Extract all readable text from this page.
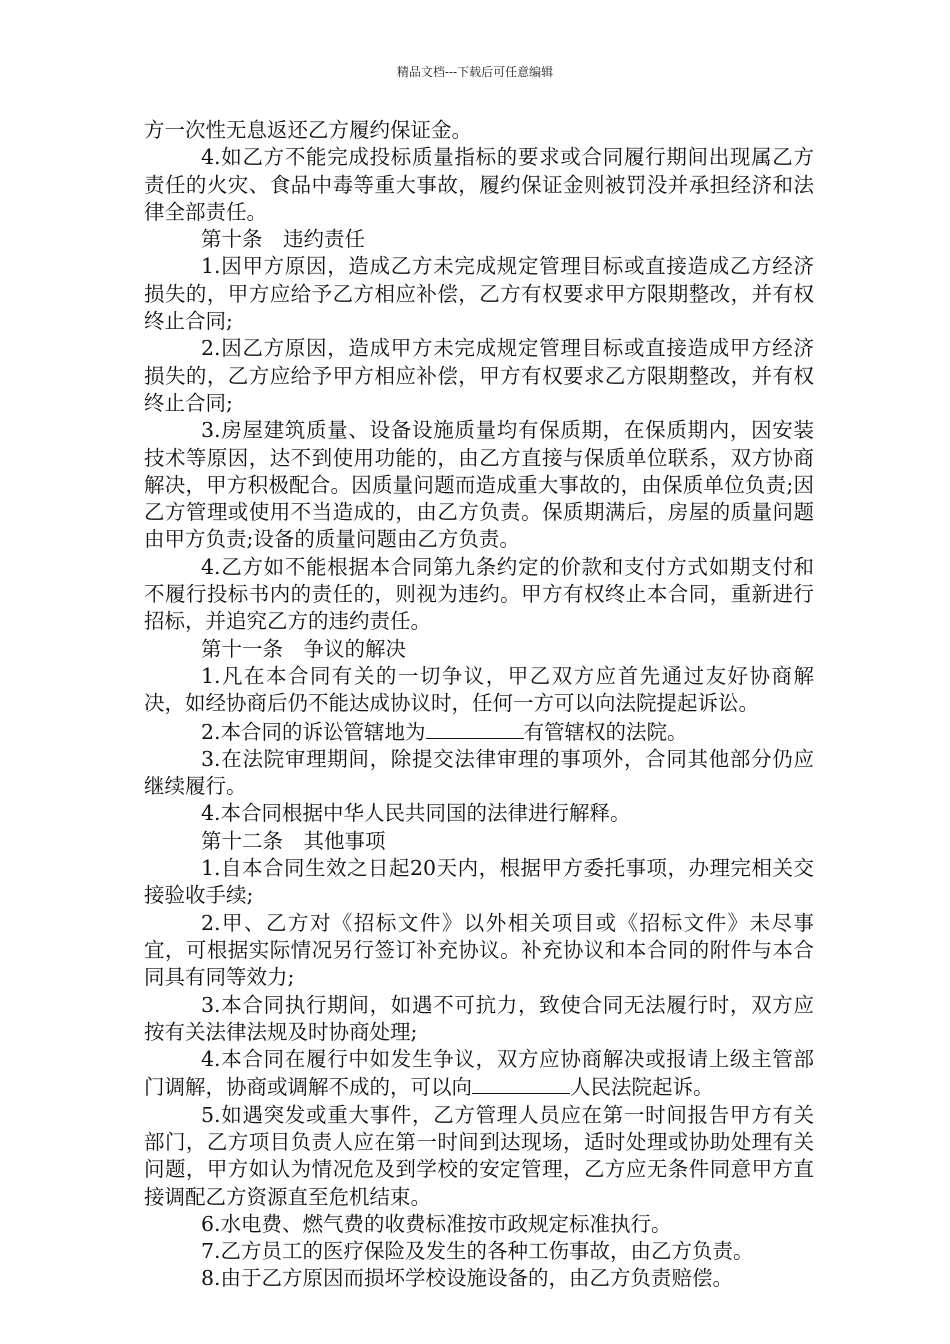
精品文档---下载后可任意编辑

方一次性无息返还乙方履约保证金。

4.如乙方不能完成投标质量指标的要求或合同履行期间出现属乙方责任的火灾、食品中毒等重大事故，履约保证金则被罚没并承担经济和法律全部责任。

第十条　违约责任

1.因甲方原因，造成乙方未完成规定管理目标或直接造成乙方经济损失的，甲方应给予乙方相应补偿，乙方有权要求甲方限期整改，并有权终止合同;

2.因乙方原因，造成甲方未完成规定管理目标或直接造成甲方经济损失的，乙方应给予甲方相应补偿，甲方有权要求乙方限期整改，并有权终止合同;

3.房屋建筑质量、设备设施质量均有保质期，在保质期内，因安装技术等原因，达不到使用功能的，由乙方直接与保质单位联系，双方协商解决，甲方积极配合。因质量问题而造成重大事故的，由保质单位负责;因乙方管理或使用不当造成的，由乙方负责。保质期满后，房屋的质量问题由甲方负责;设备的质量问题由乙方负责。

4.乙方如不能根据本合同第九条约定的价款和支付方式如期支付和不履行投标书内的责任的，则视为违约。甲方有权终止本合同，重新进行招标，并追究乙方的违约责任。

第十一条　争议的解决

1.凡在本合同有关的一切争议，甲乙双方应首先通过友好协商解决，如经协商后仍不能达成协议时，任何一方可以向法院提起诉讼。

2.本合同的诉讼管辖地为	有管辖权的法院。

3.在法院审理期间，除提交法律审理的事项外，合同其他部分仍应继续履行。

4.本合同根据中华人民共同国的法律进行解释。

第十二条　其他事项

1.自本合同生效之日起20天内，根据甲方委托事项，办理完相关交接验收手续;

2.甲、乙方对《招标文件》以外相关项目或《招标文件》未尽事宜，可根据实际情况另行签订补充协议。补充协议和本合同的附件与本合同具有同等效力;

3.本合同执行期间，如遇不可抗力，致使合同无法履行时，双方应按有关法律法规及时协商处理;

4.本合同在履行中如发生争议，双方应协商解决或报请上级主管部门调解，协商或调解不成的，可以向	人民法院起诉。

5.如遇突发或重大事件，乙方管理人员应在第一时间报告甲方有关部门，乙方项目负责人应在第一时间到达现场，适时处理或协助处理有关问题，甲方如认为情况危及到学校的安定管理，乙方应无条件同意甲方直接调配乙方资源直至危机结束。

6.水电费、燃气费的收费标准按市政规定标准执行。

7.乙方员工的医疗保险及发生的各种工伤事故，由乙方负责。

8.由于乙方原因而损坏学校设施设备的，由乙方负责赔偿。
